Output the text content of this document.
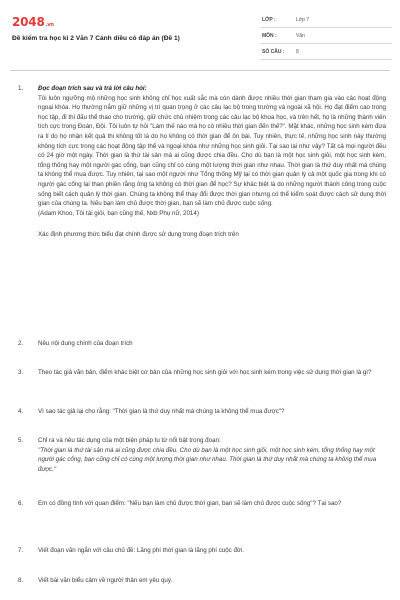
2048.vn
Đề kiểm tra học kì 2 Văn 7 Cánh diều có đáp án (Đề 1)
LỚP :	Lớp 7
MÔN :	Văn
SỐ CÂU : 8
1. Đọc đoạn trích sau và trả lời câu hỏi:
Tôi luôn ngưỡng mộ những học sinh không chỉ học xuất sắc mà còn dành được nhiều thời gian tham gia vào các hoạt động ngoại khóa. Họ thường nắm giữ những vị trí quan trọng ở các câu lạc bộ trong trường và ngoài xã hội. Họ đạt điểm cao trong học tập, đi thi đấu thể thao cho trường, giữ chức chủ nhiệm trong các câu lạc bộ khoa học, và trên hết, họ là những thành viên tích cực trong Đoàn, Đội. Tôi luôn tự hỏi "Làm thế nào mà họ có nhiều thời gian đến thế?". Mặt khác, những học sinh kém đưa ra lí do họ nhận kết quả thi không tốt là do họ không có thời gian để ôn bài. Tuy nhiên, thực tế, những học sinh này thường không tích cực trong các hoạt động tập thể và ngoại khóa như những học sinh giỏi. Tại sao lại như vậy? Tất cả mọi người đều có 24 giờ một ngày. Thời gian là thứ tài sản mà ai cũng được chia đều. Cho dù bạn là một học sinh giỏi, một học sinh kém, tổng thống hay một người gác cổng, bạn cũng chỉ có cùng một lượng thời gian như nhau. Thời gian là thứ duy nhất mà chúng ta không thể mua được. Tuy nhiên, tại sao một người như Tổng thống Mỹ lại có thời gian quản lý cả một quốc gia trong khi có người gác cổng lại than phiền rằng ông ta không có thời gian để học? Sự khác biệt là do những người thành công trong cuộc sống biết cách quản lý thời gian. Chúng ta không thể thay đổi được thời gian nhưng có thể kiểm soát được cách sử dụng thời gian của chúng ta. Nếu bạn làm chủ được thời gian, bạn sẽ làm chủ được cuộc sống.
(Adam Khoo, Tôi tài giỏi, bạn cũng thế, Nxb Phụ nữ, 2014)
Xác định phương thức biểu đạt chính được sử dụng trong đoạn trích trên
2. Nêu nội dung chính của đoạn trích
3. Theo tác giả văn bản, điểm khác biệt cơ bản của những học sinh giỏi với học sinh kém trong việc sử dụng thời gian là gì?
4. Vì sao tác giả lại cho rằng: "Thời gian là thứ duy nhất mà chúng ta không thể mua được"?
5. Chỉ ra và nêu tác dụng của một biện pháp tu từ nổi bật trong đoạn:
"Thời gian là thứ tài sản mà ai cũng được chia đều. Cho dù bạn là một học sinh giỏi, một học sinh kém, tổng thống hay một người gác cổng, bạn cũng chỉ có cùng một lượng thời gian như nhau. Thời gian là thứ duy nhất mà chúng ta không thể mua được."
6. Em có đồng tình với quan điểm: "Nếu bạn làm chủ được thời gian, bạn sẽ làm chủ được cuộc sống"? Tại sao?
7. Viết đoạn văn ngắn với câu chủ đề: Lãng phí thời gian là lãng phí cuộc đời.
8. Viết bài văn biểu cảm về người thân em yêu quý.
